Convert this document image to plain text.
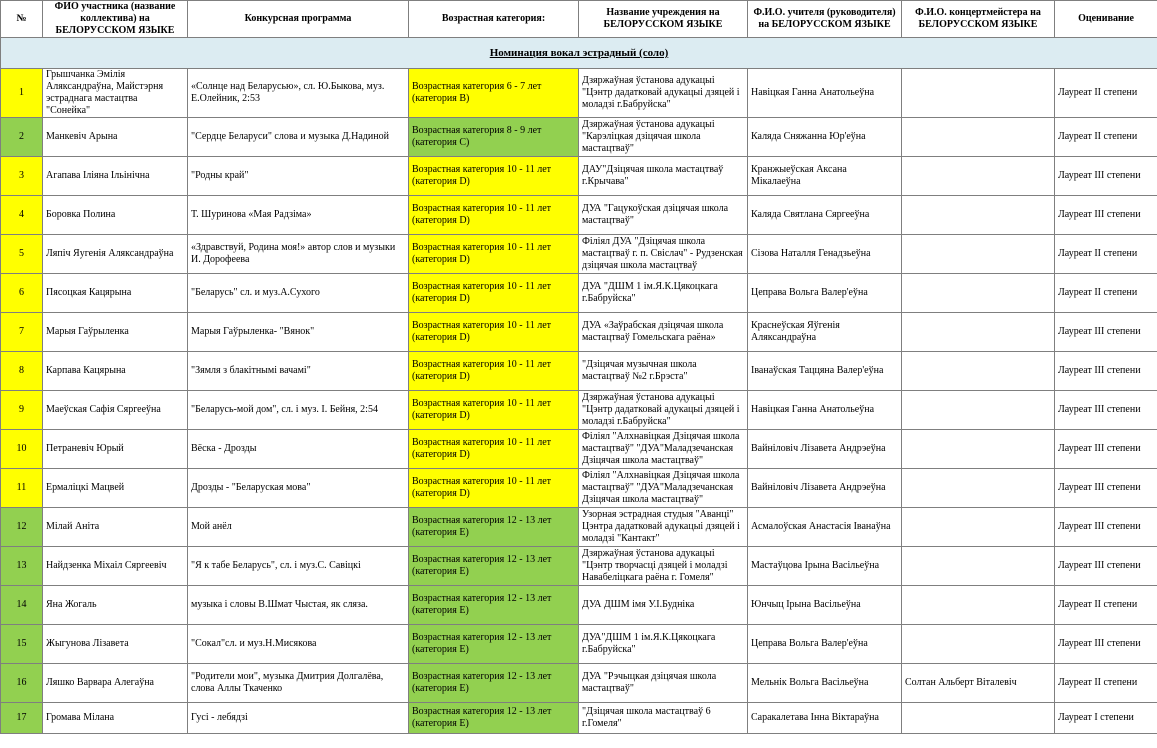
№	ФИО участника (название коллектива) на БЕЛОРУССКОМ ЯЗЫКЕ	Конкурсная программа	Возрастная категория:	Название учреждения на БЕЛОРУССКОМ ЯЗЫКЕ	Ф.И.О. учителя (руководителя) на БЕЛОРУССКОМ ЯЗЫКЕ	Ф.И.О. концертмейстера на БЕЛОРУССКОМ ЯЗЫКЕ	Оценивание
Номинация вокал эстрадный (соло)							
1	Грышчанка Эмілія Аляксандраўна, Майстэрня эстраднага мастацтва "Сонейка"	«Солнце над Беларусью», сл. Ю.Быкова, муз. Е.Олейник, 2:53	Возрастная категория 6 - 7 лет (категория В)	Дзяржаўная ўстанова адукацыі "Цэнтр дадатковай адукацыі дзяцей і моладзі г.Бабруйска"	Навіцкая Ганна Анатольеўна		Лауреат II степени
2	Манкевіч Арына	"Сердце Беларуси" слова и музыка Д.Надиной	Возрастная категория 8 - 9 лет (категория С)	Дзяржаўная ўстанова адукацыі "Карэліцкая дзіцячая школа мастацтваў"	Каляда Сняжанна Юр'еўна		Лауреат II степени
3	Агапава Іліяна Ільінічна	"Родны край"	Возрастная категория 10 - 11 лет (категория D)	ДАУ"Дзіцячая школа мастацтваў г.Крычава"	Кранжыеўская Аксана Мікалаеўна		Лауреат III степени
4	Боровка Полина	Т. Шуринова «Мая Радзіма»	Возрастная категория 10 - 11 лет (категория D)	ДУА "Гацукоўская дзіцячая школа мастацтваў"	Каляда Святлана Сяргееўна		Лауреат III степени
5	Ляпіч Яугенія Аляксандраўна	«Здравствуй, Родина моя!» автор слов и музыки И. Дорофеева	Возрастная категория 10 - 11 лет (категория D)	Філіял ДУА "Дзіцячая школа мастацтваў г. п. Свіслач" - Рудзенская дзіцячая школа мастацтваў	Сізова Наталля Генадзьеўна		Лауреат II степени
6	Пясоцкая Кацярына	"Беларусь" сл. и муз.А.Сухого	Возрастная категория 10 - 11 лет (категория D)	ДУА "ДШМ 1 ім.Я.К.Цякоцкага г.Бабруйска"	Цеправа Вольга Валер'еўна		Лауреат II степени
7	Марыя Гаўрыленка	Марыя Гаўрыленка- "Вянок"	Возрастная категория 10 - 11 лет (категория D)	ДУА «Заўрабская дзіцячая школа мастацтваў Гомельскага раёна»	Краснеўская Яўгенія Аляксандраўна		Лауреат III степени
8	Карпава Кацярына	"Зямля з блакітнымі вачамі"	Возрастная категория 10 - 11 лет (категория D)	"Дзіцячая музычная школа мастацтваў №2 г.Брэста"	Іванаўская Таццяна Валер'еўна		Лауреат III степени
9	Маеўская Сафія Сяргееўна	"Беларусь-мой дом", сл. і муз. І. Бейня, 2:54	Возрастная категория 10 - 11 лет (категория D)	Дзяржаўная ўстанова адукацыі "Цэнтр дадатковай адукацыі дзяцей і моладзі г.Бабруйска"	Навіцкая Ганна Анатольеўна		Лауреат III степени
10	Петраневіч Юрый	Вёска - Дрозды	Возрастная категория 10 - 11 лет (категория D)	Філіял "Алхнавіцкая Дзіцячая школа мастацтваў" "ДУА"Маладзечанская Дзіцячая школа мастацтваў"	Вайніловіч Лізавета Андрэеўна		Лауреат III степени
11	Ермаліцкі Мацвей	Дрозды - "Беларуская мова"	Возрастная категория 10 - 11 лет (категория D)	Філіял "Алхнавіцкая Дзіцячая школа мастацтваў" "ДУА"Маладзечанская Дзіцячая школа мастацтваў"	Вайніловіч Лізавета Андрэеўна		Лауреат III степени
12	Мілай Аніта	Мой анёл	Возрастная категория 12 - 13 лет (категория Е)	Узорная эстрадная студыя "Аванці" Цэнтра дадатковай адукацыі дзяцей і моладзі "Кантакт"	Асмалоўская Анастасія Іванаўна		Лауреат III степени
13	Найдзенка Міхаіл Сяргеевіч	"Я к табе Беларусь", сл. і муз.С. Савіцкі	Возрастная категория 12 - 13 лет (категория Е)	Дзяржаўная ўстанова адукацыі "Цэнтр творчасці дзяцей і моладзі Навабеліцкага раёна г. Гомеля"	Мастаўцова Ірына Васільеўна		Лауреат III степени
14	Яна Жогаль	музыка і словы В.Шмат Чыстая, як сляза.	Возрастная категория 12 - 13 лет (категория Е)	ДУА ДШМ імя У.І.Будніка	Юнчыц Ірына Васільеўна		Лауреат II степени
15	Жыгунова Лізавета	"Сокал"сл. и муз.Н.Мисякова	Возрастная категория 12 - 13 лет (категория Е)	ДУА"ДШМ 1 ім.Я.К.Цякоцкага г.Бабруйска"	Цеправа Вольга Валер'еўна		Лауреат III степени
16	Ляшко Варвара Алегаўна	"Родители мои", музыка Дмитрия Долгалёва, слова Аллы Ткаченко	Возрастная категория 12 - 13 лет (категория Е)	ДУА "Рэчыцкая дзіцячая школа мастацтваў"	Мельнік Вольга Васільеўна	Солтан Альберт Віталевіч	Лауреат II степени
17	Громава Мілана	Гусі - лебядзі	Возрастная категория 12 - 13 лет (категория Е)	"Дзіцячая школа мастацтваў 6 г.Гомеля"	Саракалетава Інна Віктараўна		Лауреат I степени
